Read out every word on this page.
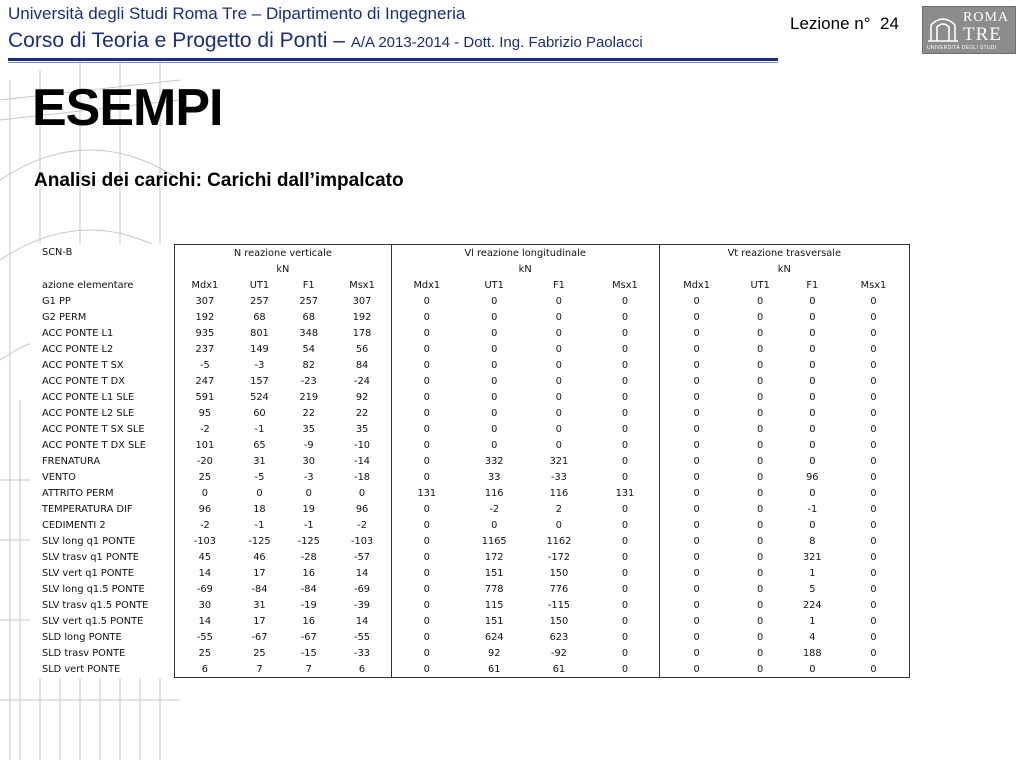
Università degli Studi Roma Tre – Dipartimento di Ingegneria
Corso di Teoria e Progetto di Ponti – A/A 2013-2014 - Dott. Ing. Fabrizio Paolacci
Lezione n° 24	ROMA
TRE
UNIVERSITÀ DEGLI STUDI
ESEMPI
Analisi dei carichi: Carichi dall’impalcato
SCN-B	N reazione verticale				Vl reazione longitudinale				Vt reazione trasversale			
	kN				kN				kN			
azione elementare	Mdx1	UT1	F1	Msx1	Mdx1	UT1	F1	Msx1	Mdx1	UT1	F1	Msx1
G1 PP	307	257	257	307	0	0	0	0	0	0	0	0
G2 PERM	192	68	68	192	0	0	0	0	0	0	0	0
ACC PONTE L1	935	801	348	178	0	0	0	0	0	0	0	0
ACC PONTE L2	237	149	54	56	0	0	0	0	0	0	0	0
ACC PONTE T SX	-5	-3	82	84	0	0	0	0	0	0	0	0
ACC PONTE T DX	247	157	-23	-24	0	0	0	0	0	0	0	0
ACC PONTE L1 SLE	591	524	219	92	0	0	0	0	0	0	0	0
ACC PONTE L2 SLE	95	60	22	22	0	0	0	0	0	0	0	0
ACC PONTE T SX SLE	-2	-1	35	35	0	0	0	0	0	0	0	0
ACC PONTE T DX SLE	101	65	-9	-10	0	0	0	0	0	0	0	0
FRENATURA	-20	31	30	-14	0	332	321	0	0	0	0	0
VENTO	25	-5	-3	-18	0	33	-33	0	0	0	96	0
ATTRITO PERM	0	0	0	0	131	116	116	131	0	0	0	0
TEMPERATURA DIF	96	18	19	96	0	-2	2	0	0	0	-1	0
CEDIMENTI 2	-2	-1	-1	-2	0	0	0	0	0	0	0	0
SLV long q1 PONTE	-103	-125	-125	-103	0	1165	1162	0	0	0	8	0
SLV trasv q1 PONTE	45	46	-28	-57	0	172	-172	0	0	0	321	0
SLV vert q1 PONTE	14	17	16	14	0	151	150	0	0	0	1	0
SLV long q1.5 PONTE	-69	-84	-84	-69	0	778	776	0	0	0	5	0
SLV trasv q1.5 PONTE	30	31	-19	-39	0	115	-115	0	0	0	224	0
SLV vert q1.5 PONTE	14	17	16	14	0	151	150	0	0	0	1	0
SLD long PONTE	-55	-67	-67	-55	0	624	623	0	0	0	4	0
SLD trasv PONTE	25	25	-15	-33	0	92	-92	0	0	0	188	0
SLD vert PONTE	6	7	7	6	0	61	61	0	0	0	0	0
